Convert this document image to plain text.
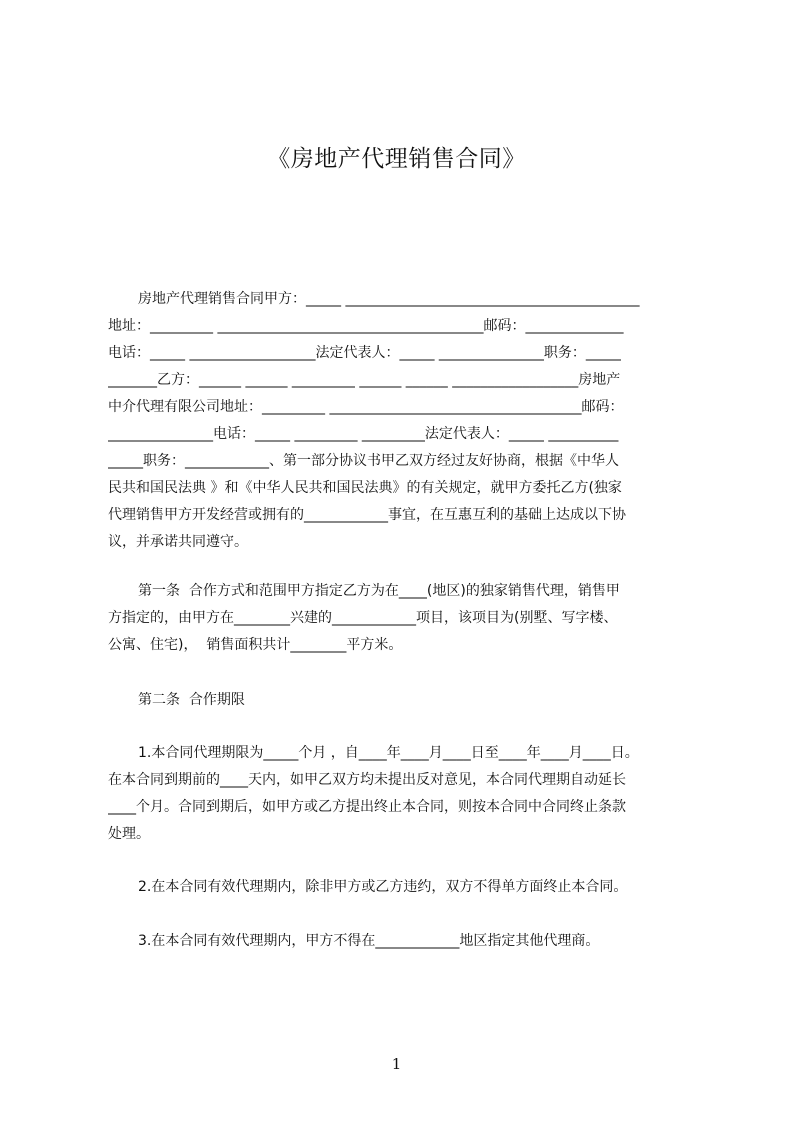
《房地产代理销售合同》
房地产代理销售合同甲方：_____ __________________________________________
地址：_________ ______________________________________邮码：______________
电话：_____ __________________法定代表人：_____ _______________职务：_____
_______乙方：______ ______ _________ ______ ______ __________________房地产
中介代理有限公司地址：_________ ____________________________________邮码：
_______________电话：_____ _________ _________法定代表人：_____ __________
_____职务：____________、第一部分协议书甲乙双方经过友好协商，根据《中华人
民共和国民法典 》和《中华人民共和国民法典》的有关规定，就甲方委托乙方(独家
代理销售甲方开发经营或拥有的____________事宜，在互惠互利的基础上达成以下协
议，并承诺共同遵守。
第一条  合作方式和范围甲方指定乙方为在____(地区)的独家销售代理，销售甲
方指定的，由甲方在________兴建的____________项目，该项目为(别墅、写字楼、
公寓、住宅)，  销售面积共计________平方米。
第二条  合作期限
1.本合同代理期限为_____个月 ，自____年____月____日至____年____月____日。
在本合同到期前的____天内，如甲乙双方均未提出反对意见，本合同代理期自动延长
____个月。合同到期后，如甲方或乙方提出终止本合同，则按本合同中合同终止条款
处理。
2.在本合同有效代理期内，除非甲方或乙方违约，双方不得单方面终止本合同。
3.在本合同有效代理期内，甲方不得在____________地区指定其他代理商。
1
